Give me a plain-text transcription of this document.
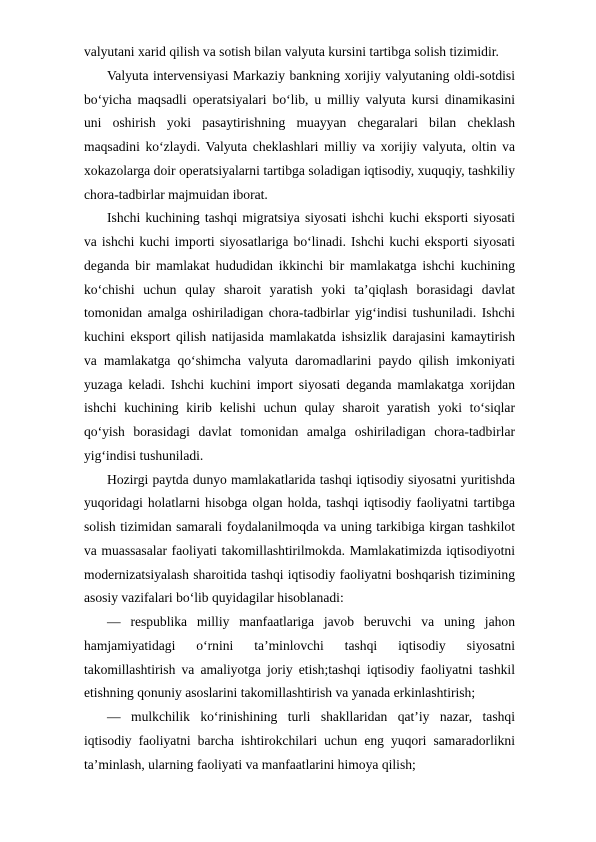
valyutani xarid qilish va sotish bilan valyuta kursini tartibga solish tizimidir.

Valyuta intervensiyasi Markaziy bankning xorijiy valyutaning oldi-sotdisi bo‘yicha maqsadli operatsiyalari bo‘lib, u milliy valyuta kursi dinamikasini uni oshirish yoki pasaytirishning muayyan chegaralari bilan cheklash maqsadini ko‘zlaydi. Valyuta cheklashlari milliy va xorijiy valyuta, oltin va xokazolarga doir operatsiyalarni tartibga soladigan iqtisodiy, xuquqiy, tashkiliy chora-tadbirlar majmuidan iborat.

Ishchi kuchining tashqi migratsiya siyosati ishchi kuchi eksporti siyosati va ishchi kuchi importi siyosatlariga bo‘linadi. Ishchi kuchi eksporti siyosati deganda bir mamlakat hududidan ikkinchi bir mamlakatga ishchi kuchining ko‘chishi uchun qulay sharoit yaratish yoki ta’qiqlash borasidagi davlat tomonidan amalga oshiriladigan chora-tadbirlar yig‘indisi tushuniladi. Ishchi kuchini eksport qilish natijasida mamlakatda ishsizlik darajasini kamaytirish va mamlakatga qo‘shimcha valyuta daromadlarini paydo qilish imkoniyati yuzaga keladi. Ishchi kuchini import siyosati deganda mamlakatga xorijdan ishchi kuchining kirib kelishi uchun qulay sharoit yaratish yoki to‘siqlar qo‘yish borasidagi davlat tomonidan amalga oshiriladigan chora-tadbirlar yig‘indisi tushuniladi.

Hozirgi paytda dunyo mamlakatlarida tashqi iqtisodiy siyosatni yuritishda yuqoridagi holatlarni hisobga olgan holda, tashqi iqtisodiy faoliyatni tartibga solish tizimidan samarali foydalanilmoqda va uning tarkibiga kirgan tashkilot va muassasalar faoliyati takomillashtirilmokda. Mamlakatimizda iqtisodiyotni modernizatsiyalash sharoitida tashqi iqtisodiy faoliyatni boshqarish tizimining asosiy vazifalari bo‘lib quyidagilar hisoblanadi:

— respublika milliy manfaatlariga javob beruvchi va uning jahon hamjamiyatidagi o‘rnini ta’minlovchi tashqi iqtisodiy siyosatni takomillashtirish va amaliyotga joriy etish;tashqi iqtisodiy faoliyatni tashkil etishning qonuniy asoslarini takomillashtirish va yanada erkinlashtirish;

— mulkchilik ko‘rinishining turli shakllaridan qat’iy nazar, tashqi iqtisodiy faoliyatni barcha ishtirokchilari uchun eng yuqori samaradorlikni ta’minlash, ularning faoliyati va manfaatlarini himoya qilish;
